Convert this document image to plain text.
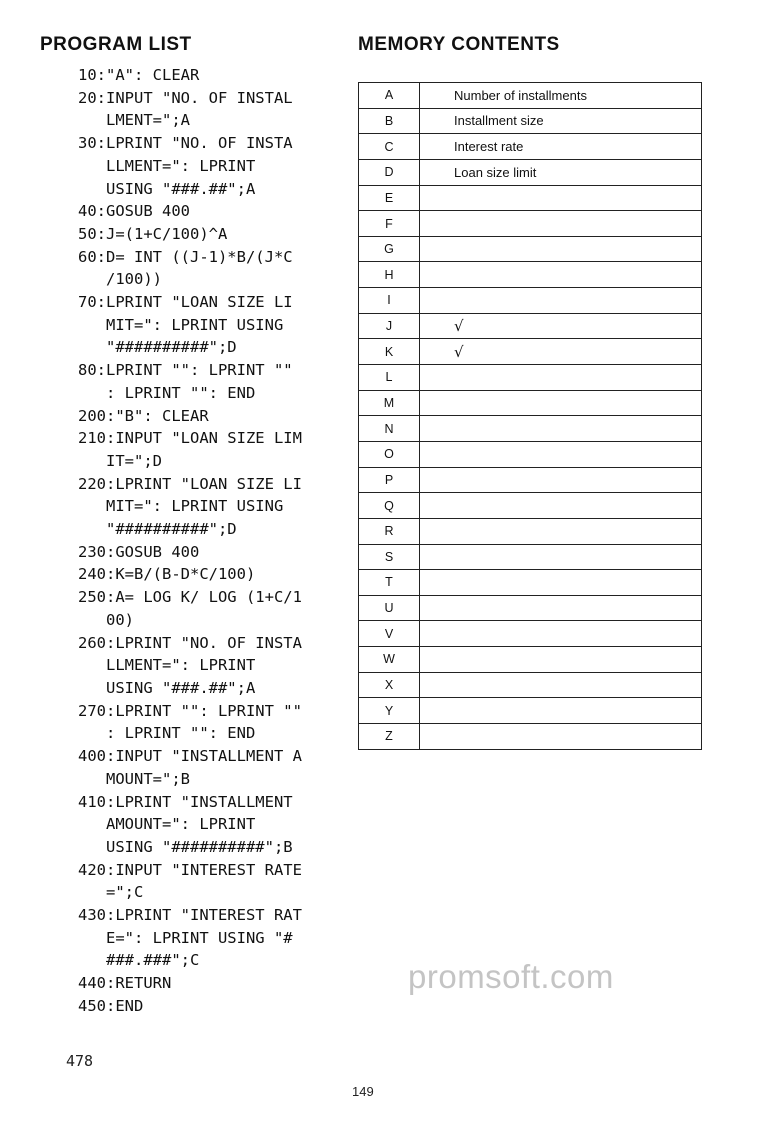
PROGRAM LIST	MEMORY CONTENTS
10:"A": CLEAR
20:INPUT "NO. OF INSTAL
LMENT=";A
30:LPRINT "NO. OF INSTA
LLMENT=": LPRINT
USING "###.##";A
40:GOSUB 400
50:J=(1+C/100)^A
60:D= INT ((J-1)*B/(J*C
/100))
70:LPRINT "LOAN SIZE LI
MIT=": LPRINT USING
"##########";D
80:LPRINT "": LPRINT ""
: LPRINT "": END
200:"B": CLEAR
210:INPUT "LOAN SIZE LIM
IT=";D
220:LPRINT "LOAN SIZE LI
MIT=": LPRINT USING
"##########";D
230:GOSUB 400
240:K=B/(B-D*C/100)
250:A= LOG K/ LOG (1+C/1
00)
260:LPRINT "NO. OF INSTA
LLMENT=": LPRINT
USING "###.##";A
270:LPRINT "": LPRINT ""
: LPRINT "": END
400:INPUT "INSTALLMENT A
MOUNT=";B
410:LPRINT "INSTALLMENT
AMOUNT=": LPRINT
USING "##########";B
420:INPUT "INTEREST RATE
=";C
430:LPRINT "INTEREST RAT
E=": LPRINT USING "#
###.###";C
440:RETURN
450:END
A	Number of installments
B	Installment size
C	Interest rate
D	Loan size limit
E	
F	
G	
H	
I	
J	√
K	√
L	
M	
N	
O	
P	
Q	
R	
S	
T	
U	
V	
W	
X	
Y	
Z	
promsoft.com
478
149
